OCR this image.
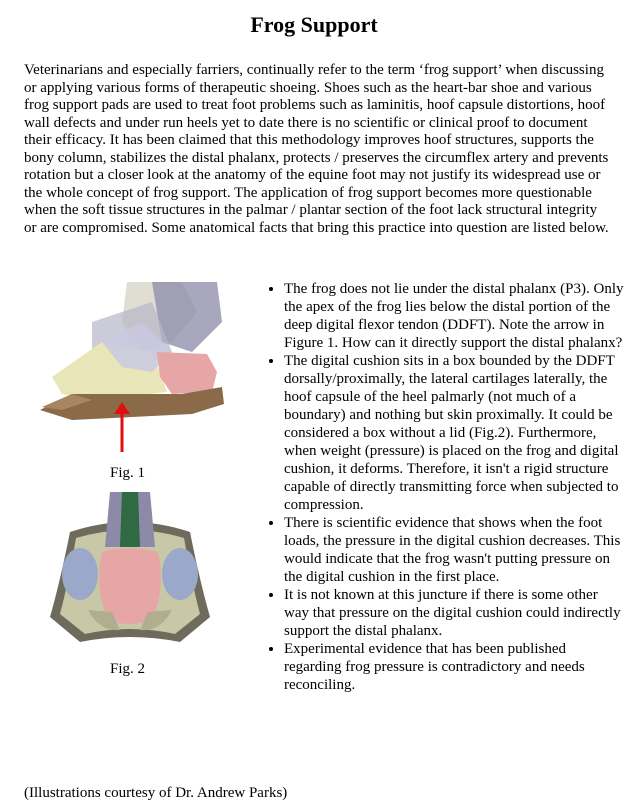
Frog Support

Veterinarians and especially farriers, continually refer to the term ‘frog support’ when discussing or applying various forms of therapeutic shoeing. Shoes such as the heart-bar shoe and various frog support pads are used to treat foot problems such as laminitis, hoof capsule distortions, hoof wall defects and under run heels yet to date there is no scientific or clinical proof to document their efficacy. It has been claimed that this methodology improves hoof structures, supports the bony column, stabilizes the distal phalanx, protects / preserves the circumflex artery and prevents rotation but a closer look at the anatomy of the equine foot may not justify its widespread use or the whole concept of frog support. The application of frog support becomes more questionable when the soft tissue structures in the palmar / plantar section of the foot lack structural integrity or are compromised. Some anatomical facts that bring this practice into question are listed below.

Fig. 1
Fig. 2
• The frog does not lie under the distal phalanx (P3). Only the apex of the frog lies below the distal portion of the deep digital flexor tendon (DDFT). Note the arrow in Figure 1. How can it directly support the distal phalanx?
• The digital cushion sits in a box bounded by the DDFT dorsally/proximally, the lateral cartilages laterally, the hoof capsule of the heel palmarly (not much of a boundary) and nothing but skin proximally. It could be considered a box without a lid (Fig.2). Furthermore, when weight (pressure) is placed on the frog and digital cushion, it deforms. Therefore, it isn't a rigid structure capable of directly transmitting force when subjected to compression.
• There is scientific evidence that shows when the foot loads, the pressure in the digital cushion decreases. This would indicate that the frog wasn't putting pressure on the digital cushion in the first place.
• It is not known at this juncture if there is some other way that pressure on the digital cushion could indirectly support the distal phalanx.
• Experimental evidence that has been published regarding frog pressure is contradictory and needs reconciling.
(Illustrations courtesy of Dr. Andrew Parks)
